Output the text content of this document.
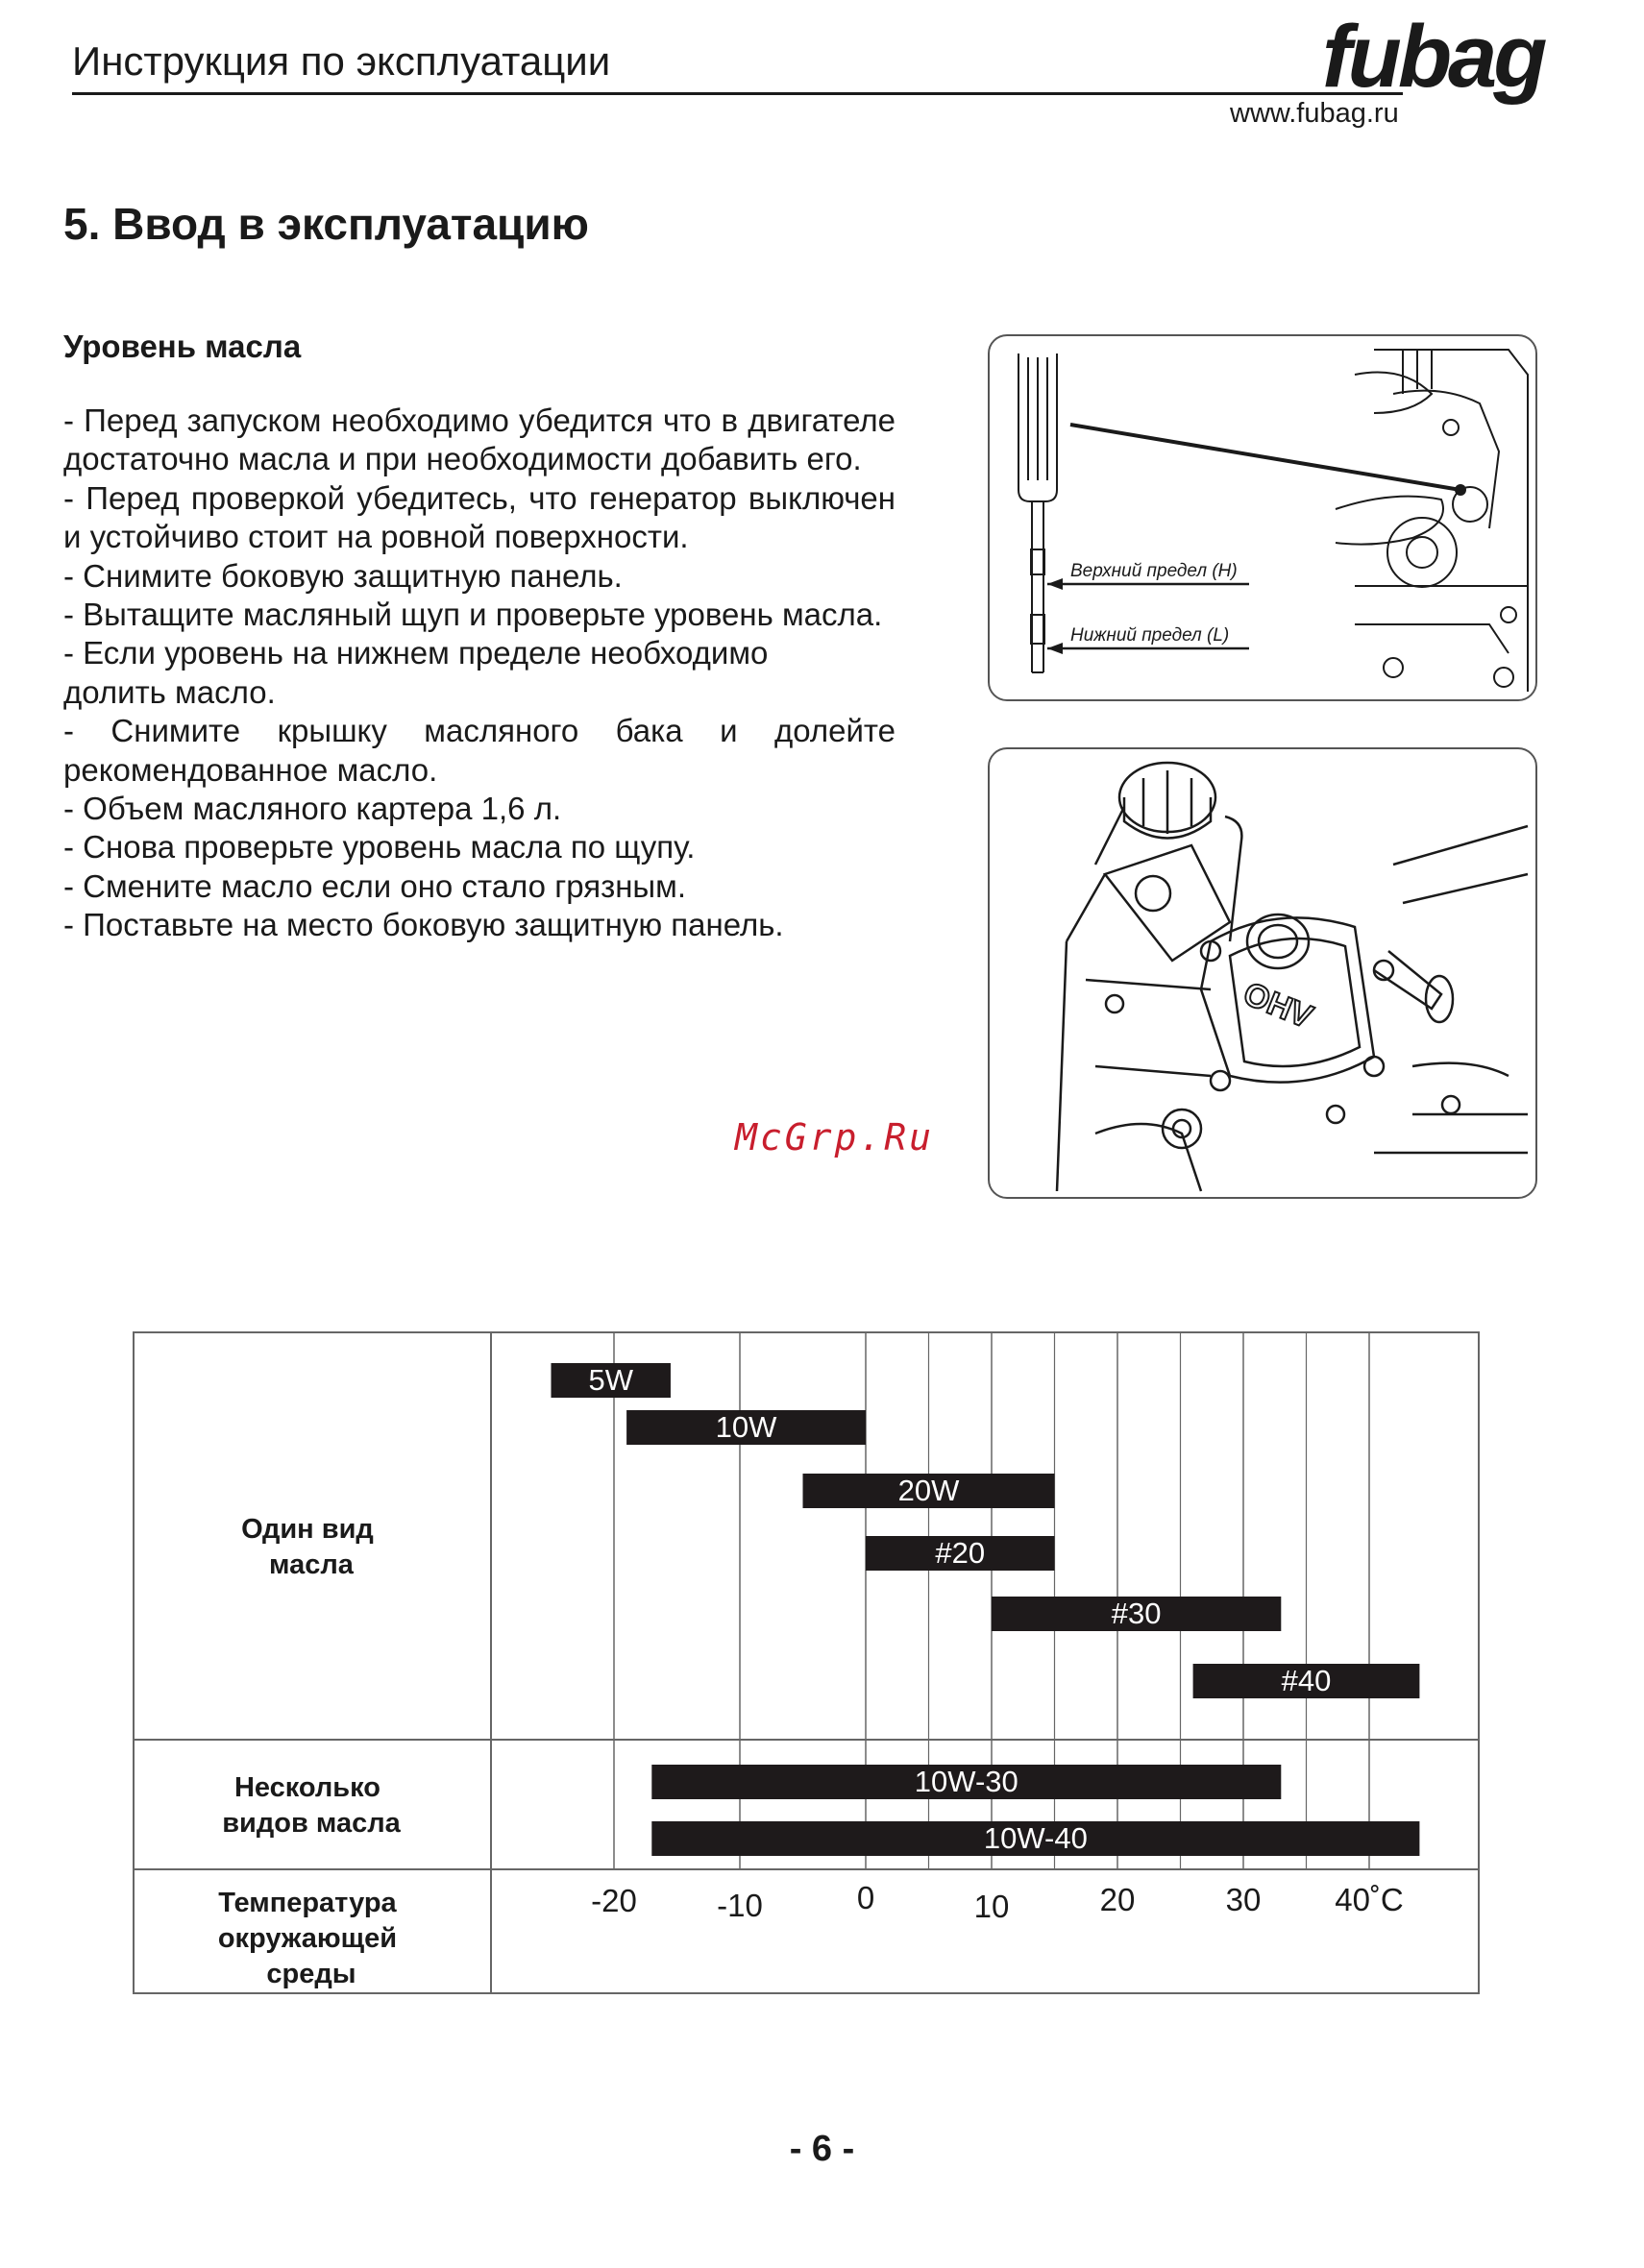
Инструкция по эксплуатации	fubag
www.fubag.ru
5. Ввод в эксплуатацию
Уровень масла

- Перед запуском необходимо убедится что в двигателе достаточно масла и при необходимости добавить его.

- Перед проверкой убедитесь, что генератор выключен и устойчиво стоит на ровной поверхности.

- Снимите боковую защитную панель.

- Вытащите масляный щуп и проверьте уровень масла.

- Если уровень на нижнем пределе необходимо долить масло.

- Снимите крышку масляного бака и долейте рекомендованное масло.

- Объем масляного картера 1,6 л.

- Снова проверьте уровень масла по щупу.

- Смените масло если оно стало грязным.

- Поставьте на место боковую защитную панель.

Верхний предел (H)
Нижний предел (L)
OHV
McGrp.Ru
5W
10W
20W
#20
#30
#40
10W-30
10W-40
Один вид масла
Несколько видов масла
Температура окружающей среды
-20	-10	0	10	20	30 40˚C
- 6 -
